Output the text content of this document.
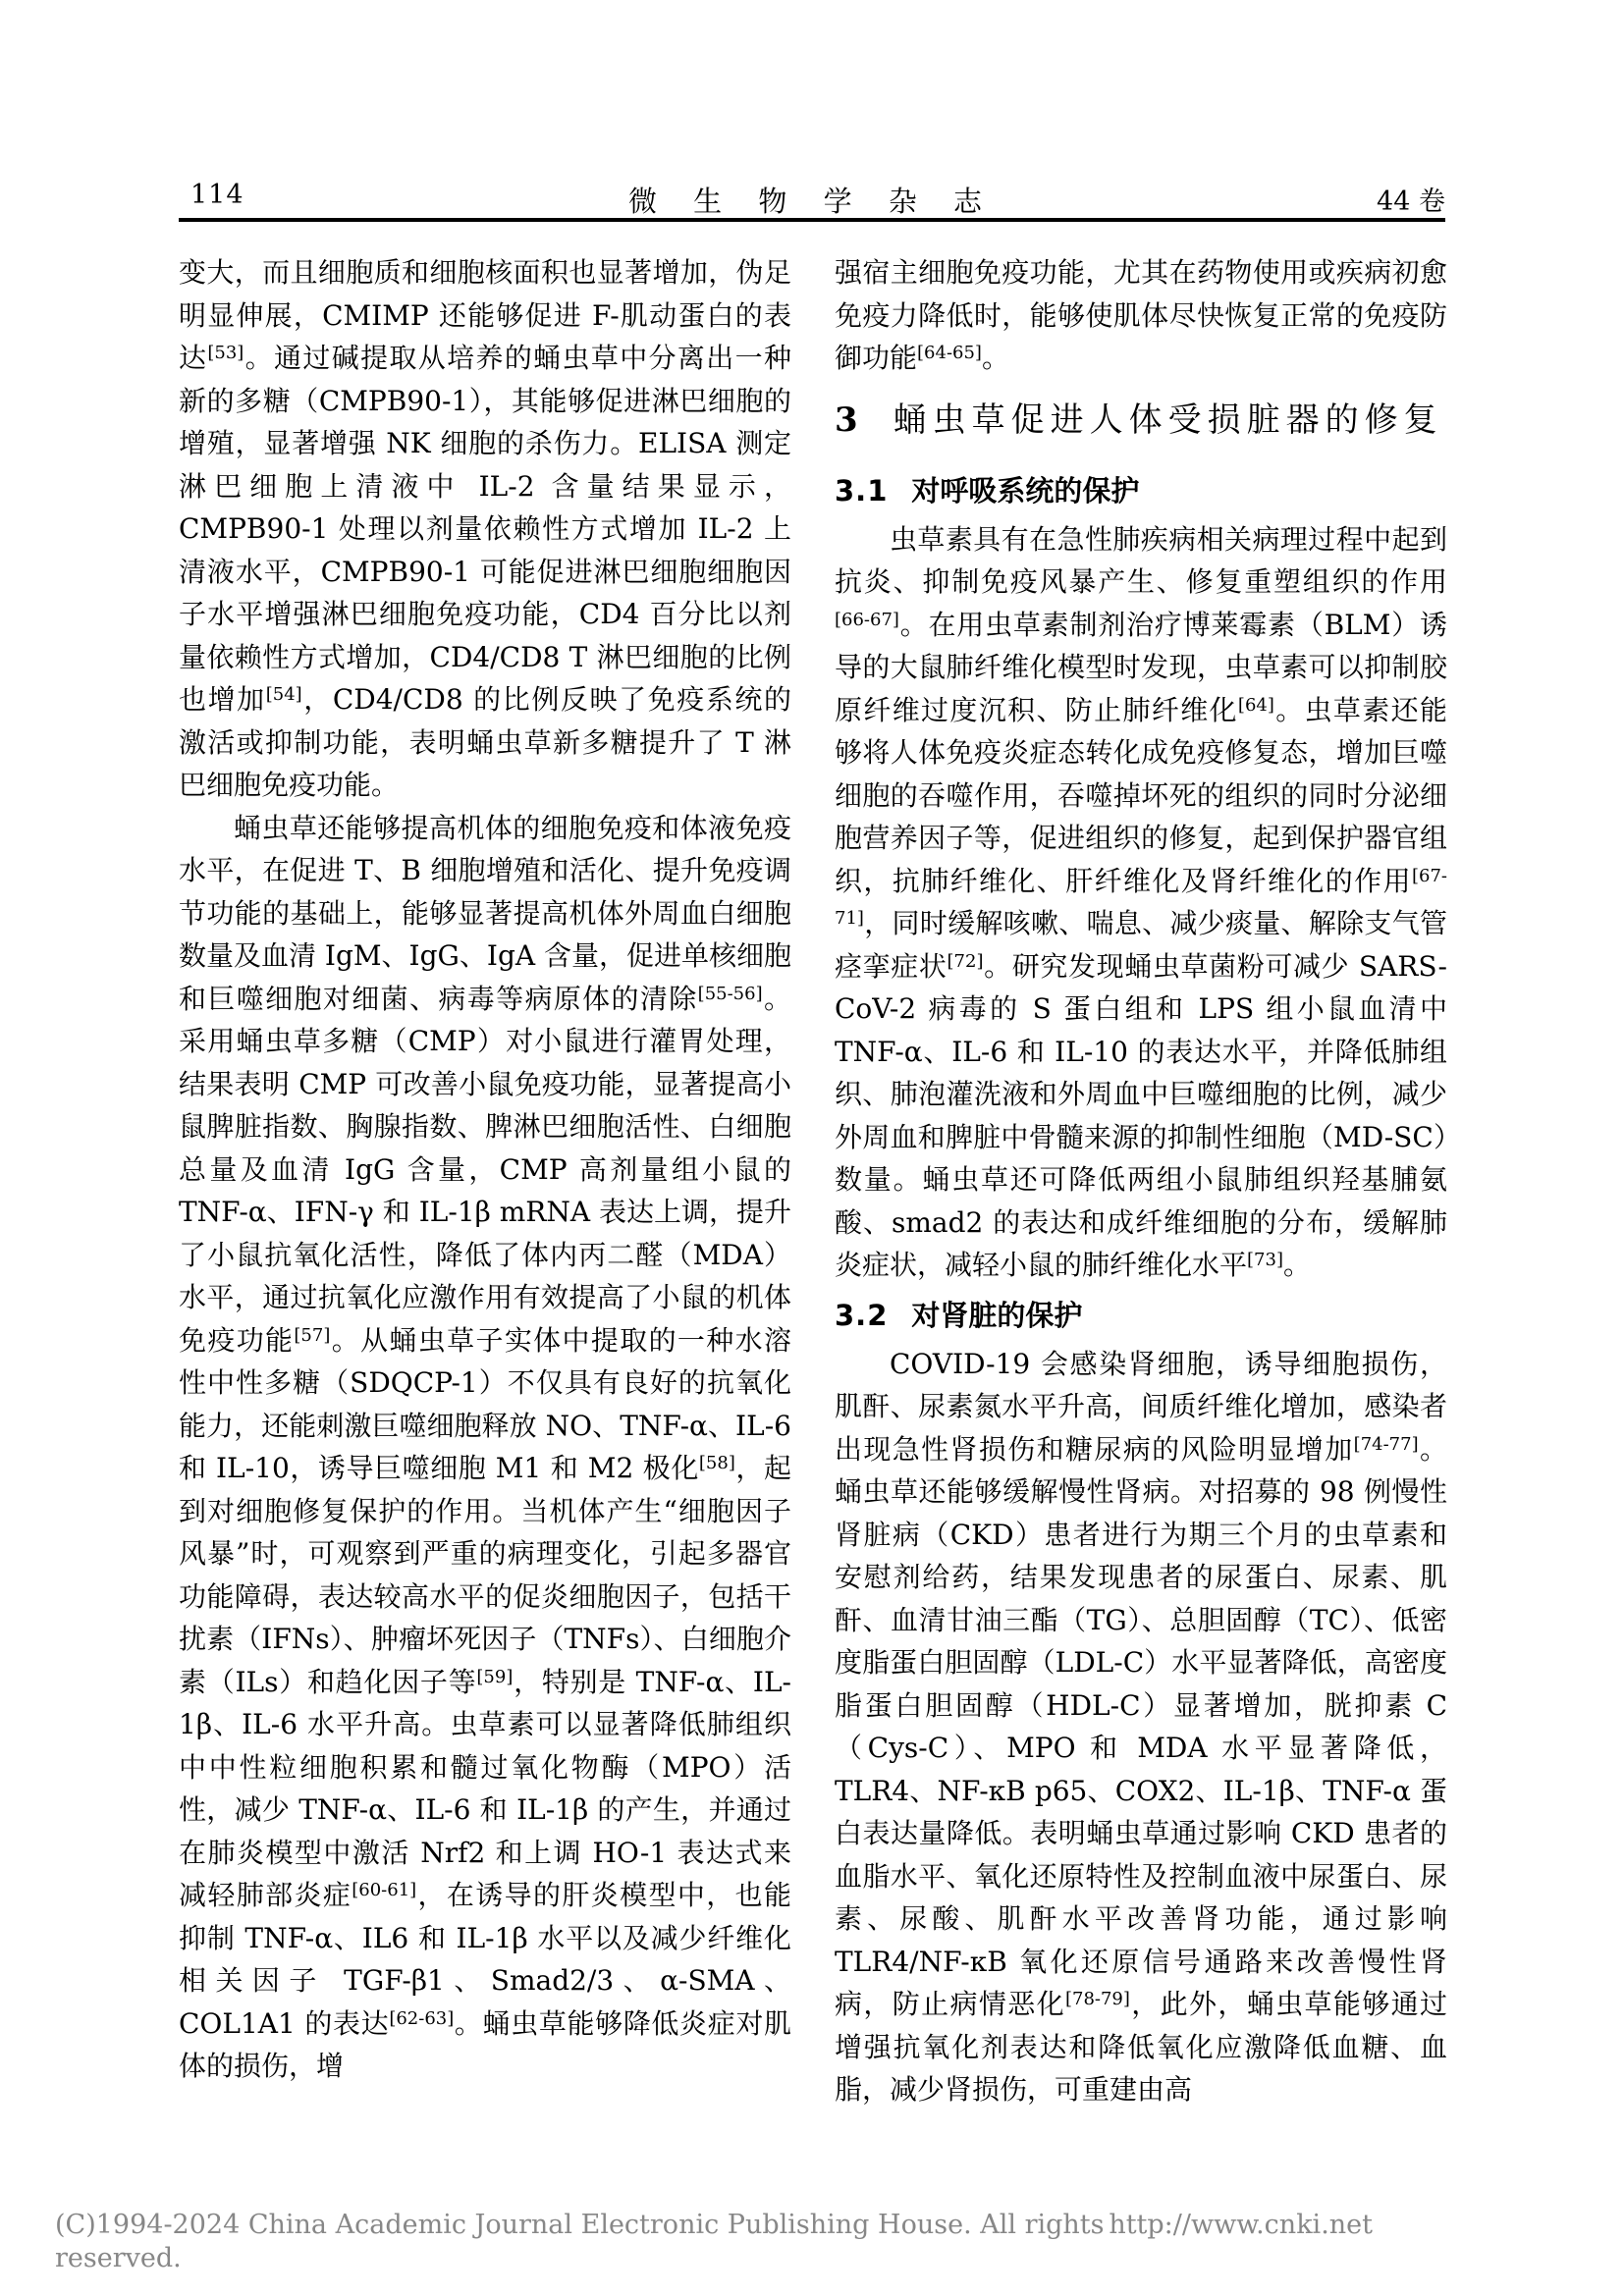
114	微 生 物 学 杂 志	44 卷

变大，而且细胞质和细胞核面积也显著增加，伪足明显伸展，CMIMP 还能够促进 F-肌动蛋白的表达[53]。通过碱提取从培养的蛹虫草中分离出一种新的多糖（CMPB90-1），其能够促进淋巴细胞的增殖，显著增强 NK 细胞的杀伤力。ELISA 测定淋巴细胞上清液中 IL-2 含量结果显示，CMPB90-1 处理以剂量依赖性方式增加 IL-2 上清液水平，CMPB90-1 可能促进淋巴细胞细胞因子水平增强淋巴细胞免疫功能，CD4 百分比以剂量依赖性方式增加，CD4/CD8 T 淋巴细胞的比例也增加[54]，CD4/CD8 的比例反映了免疫系统的激活或抑制功能，表明蛹虫草新多糖提升了 T 淋巴细胞免疫功能。

蛹虫草还能够提高机体的细胞免疫和体液免疫水平，在促进 T、B 细胞增殖和活化、提升免疫调节功能的基础上，能够显著提高机体外周血白细胞数量及血清 IgM、IgG、IgA 含量，促进单核细胞和巨噬细胞对细菌、病毒等病原体的清除[55-56]。采用蛹虫草多糖（CMP）对小鼠进行灌胃处理，结果表明 CMP 可改善小鼠免疫功能，显著提高小鼠脾脏指数、胸腺指数、脾淋巴细胞活性、白细胞总量及血清 IgG 含量，CMP 高剂量组小鼠的 TNF-α、IFN-γ 和 IL-1β mRNA 表达上调，提升了小鼠抗氧化活性，降低了体内丙二醛（MDA）水平，通过抗氧化应激作用有效提高了小鼠的机体免疫功能[57]。从蛹虫草子实体中提取的一种水溶性中性多糖（SDQCP-1）不仅具有良好的抗氧化能力，还能刺激巨噬细胞释放 NO、TNF-α、IL-6 和 IL-10，诱导巨噬细胞 M1 和 M2 极化[58]，起到对细胞修复保护的作用。当机体产生“细胞因子风暴”时，可观察到严重的病理变化，引起多器官功能障碍，表达较高水平的促炎细胞因子，包括干扰素（IFNs）、肿瘤坏死因子（TNFs）、白细胞介素（ILs）和趋化因子等[59]，特别是 TNF-α、IL-1β、IL-6 水平升高。虫草素可以显著降低肺组织中中性粒细胞积累和髓过氧化物酶（MPO）活性，减少 TNF-α、IL-6 和 IL-1β 的产生，并通过在肺炎模型中激活 Nrf2 和上调 HO-1 表达式来减轻肺部炎症[60-61]，在诱导的肝炎模型中，也能抑制 TNF-α、IL6 和 IL-1β 水平以及减少纤维化相关因子 TGF-β1、Smad2/3、α-SMA、COL1A1 的表达[62-63]。蛹虫草能够降低炎症对肌体的损伤，增

强宿主细胞免疫功能，尤其在药物使用或疾病初愈免疫力降低时，能够使肌体尽快恢复正常的免疫防御功能[64-65]。

3 蛹虫草促进人体受损脏器的修复
3.1 对呼吸系统的保护

虫草素具有在急性肺疾病相关病理过程中起到抗炎、抑制免疫风暴产生、修复重塑组织的作用[66-67]。在用虫草素制剂治疗博莱霉素（BLM）诱导的大鼠肺纤维化模型时发现，虫草素可以抑制胶原纤维过度沉积、防止肺纤维化[64]。虫草素还能够将人体免疫炎症态转化成免疫修复态，增加巨噬细胞的吞噬作用，吞噬掉坏死的组织的同时分泌细胞营养因子等，促进组织的修复，起到保护器官组织，抗肺纤维化、肝纤维化及肾纤维化的作用[67-71]，同时缓解咳嗽、喘息、减少痰量、解除支气管痉挛症状[72]。研究发现蛹虫草菌粉可减少 SARS-CoV-2 病毒的 S 蛋白组和 LPS 组小鼠血清中 TNF-α、IL-6 和 IL-10 的表达水平，并降低肺组织、肺泡灌洗液和外周血中巨噬细胞的比例，减少外周血和脾脏中骨髓来源的抑制性细胞（MD-SC）数量。蛹虫草还可降低两组小鼠肺组织羟基脯氨酸、smad2 的表达和成纤维细胞的分布，缓解肺炎症状，减轻小鼠的肺纤维化水平[73]。

3.2 对肾脏的保护

COVID-19 会感染肾细胞，诱导细胞损伤，肌酐、尿素氮水平升高，间质纤维化增加，感染者出现急性肾损伤和糖尿病的风险明显增加[74-77]。蛹虫草还能够缓解慢性肾病。对招募的 98 例慢性肾脏病（CKD）患者进行为期三个月的虫草素和安慰剂给药，结果发现患者的尿蛋白、尿素、肌酐、血清甘油三酯（TG）、总胆固醇（TC）、低密度脂蛋白胆固醇（LDL-C）水平显著降低，高密度脂蛋白胆固醇（HDL-C）显著增加，胱抑素 C（Cys-C）、MPO 和 MDA 水平显著降低，TLR4、NF-κB p65、COX2、IL-1β、TNF-α 蛋白表达量降低。表明蛹虫草通过影响 CKD 患者的血脂水平、氧化还原特性及控制血液中尿蛋白、尿素、尿酸、肌酐水平改善肾功能，通过影响 TLR4/NF-κB 氧化还原信号通路来改善慢性肾病，防止病情恶化[78-79]，此外，蛹虫草能够通过增强抗氧化剂表达和降低氧化应激降低血糖、血脂，减少肾损伤，可重建由高

(C)1994-2024 China Academic Journal Electronic Publishing House. All rights reserved.
http://www.cnki.net
